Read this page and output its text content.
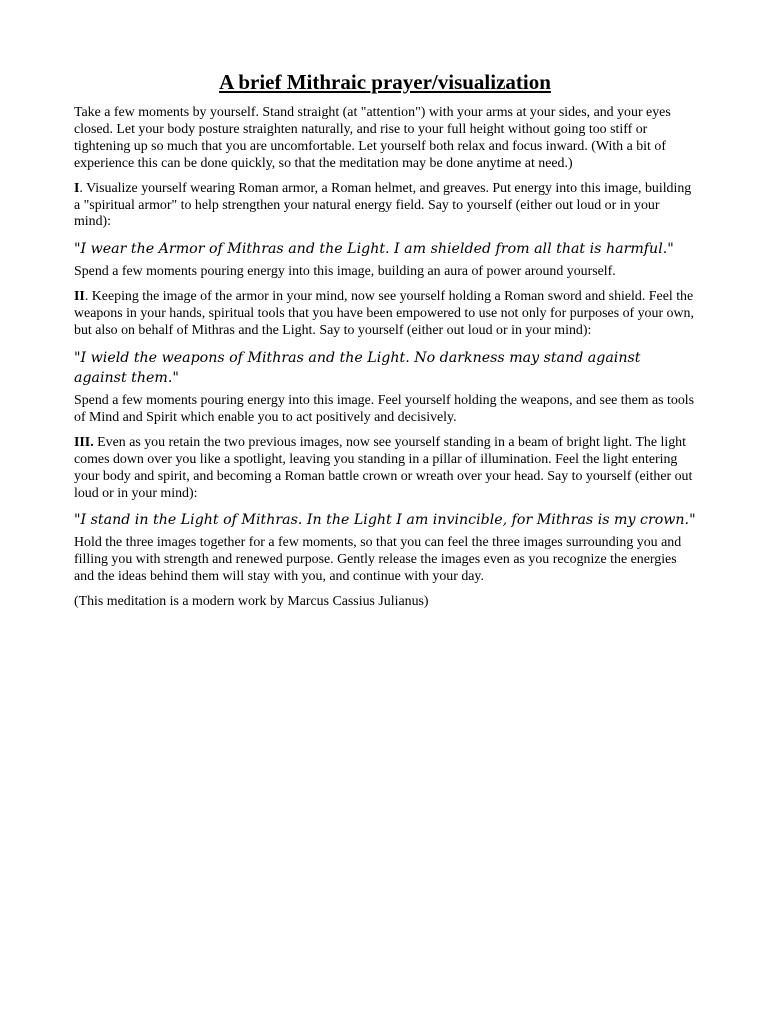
A brief Mithraic prayer/visualization

Take a few moments by yourself. Stand straight (at "attention") with your arms at your sides, and your eyes closed. Let your body posture straighten naturally, and rise to your full height without going too stiff or tightening up so much that you are uncomfortable. Let yourself both relax and focus inward. (With a bit of experience this can be done quickly, so that the meditation may be done anytime at need.)

I. Visualize yourself wearing Roman armor, a Roman helmet, and greaves. Put energy into this image, building a "spiritual armor" to help strengthen your natural energy field. Say to yourself (either out loud or in your mind):

"I wear the Armor of Mithras and the Light. I am shielded from all that is harmful."

Spend a few moments pouring energy into this image, building an aura of power around yourself.

II. Keeping the image of the armor in your mind, now see yourself holding a Roman sword and shield. Feel the weapons in your hands, spiritual tools that you have been empowered to use not only for purposes of your own, but also on behalf of Mithras and the Light. Say to yourself (either out loud or in your mind):

"I wield the weapons of Mithras and the Light. No darkness may stand against against them."

Spend a few moments pouring energy into this image. Feel yourself holding the weapons, and see them as tools of Mind and Spirit which enable you to act positively and decisively.

III. Even as you retain the two previous images, now see yourself standing in a beam of bright light. The light comes down over you like a spotlight, leaving you standing in a pillar of illumination. Feel the light entering your body and spirit, and becoming a Roman battle crown or wreath over your head. Say to yourself (either out loud or in your mind):

"I stand in the Light of Mithras. In the Light I am invincible, for Mithras is my crown."

Hold the three images together for a few moments, so that you can feel the three images surrounding you and filling you with strength and renewed purpose. Gently release the images even as you recognize the energies and the ideas behind them will stay with you, and continue with your day.

(This meditation is a modern work by Marcus Cassius Julianus)
